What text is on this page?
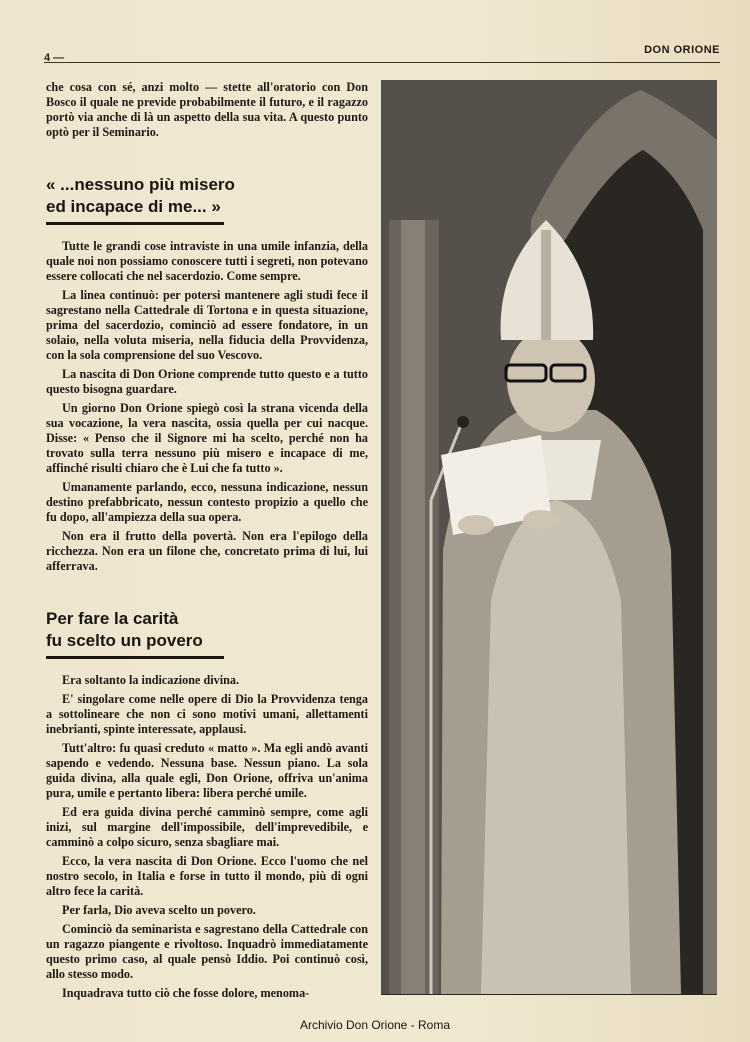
4 —
DON ORIONE

che cosa con sé, anzi molto — stette all'oratorio con Don Bosco il quale ne previde probabilmente il futuro, e il ragazzo portò via anche di là un aspetto della sua vita. A questo punto optò per il Seminario.

« ...nessuno più misero
ed incapace di me... »

Tutte le grandi cose intraviste in una umile infanzia, della quale noi non possiamo conoscere tutti i segreti, non potevano essere collocati che nel sacerdozio. Come sempre.

La linea continuò: per potersi mantenere agli studi fece il sagrestano nella Cattedrale di Tortona e in questa situazione, prima del sacerdozio, cominciò ad essere fondatore, in un solaio, nella voluta miseria, nella fiducia della Provvidenza, con la sola comprensione del suo Vescovo.

La nascita di Don Orione comprende tutto questo e a tutto questo bisogna guardare.

Un giorno Don Orione spiegò così la strana vicenda della sua vocazione, la vera nascita, ossia quella per cui nacque. Disse: « Penso che il Signore mi ha scelto, perché non ha trovato sulla terra nessuno più misero e incapace di me, affinché risulti chiaro che è Lui che fa tutto ».

Umanamente parlando, ecco, nessuna indicazione, nessun destino prefabbricato, nessun contesto propizio a quello che fu dopo, all'ampiezza della sua opera.

Non era il frutto della povertà. Non era l'epilogo della ricchezza. Non era un filone che, concretato prima di lui, lui afferrava.

Per fare la carità
fu scelto un povero

Era soltanto la indicazione divina.

E' singolare come nelle opere di Dio la Provvidenza tenga a sottolineare che non ci sono motivi umani, allettamenti inebrianti, spinte interessate, applausi.

Tutt'altro: fu quasi creduto « matto ». Ma egli andò avanti sapendo e vedendo. Nessuna base. Nessun piano. La sola guida divina, alla quale egli, Don Orione, offriva un'anima pura, umile e pertanto libera: libera perché umile.

Ed era guida divina perché camminò sempre, come agli inizi, sul margine dell'impossibile, dell'imprevedibile, e camminò a colpo sicuro, senza sbagliare mai.

Ecco, la vera nascita di Don Orione. Ecco l'uomo che nel nostro secolo, in Italia e forse in tutto il mondo, più di ogni altro fece la carità.

Per farla, Dio aveva scelto un povero.

Cominciò da seminarista e sagrestano della Cattedrale con un ragazzo piangente e rivoltoso. Inquadrò immediatamente questo primo caso, al quale pensò Iddio. Poi continuò così, allo stesso modo.

Inquadrava tutto ciò che fosse dolore, menoma-

Archivio Don Orione - Roma
